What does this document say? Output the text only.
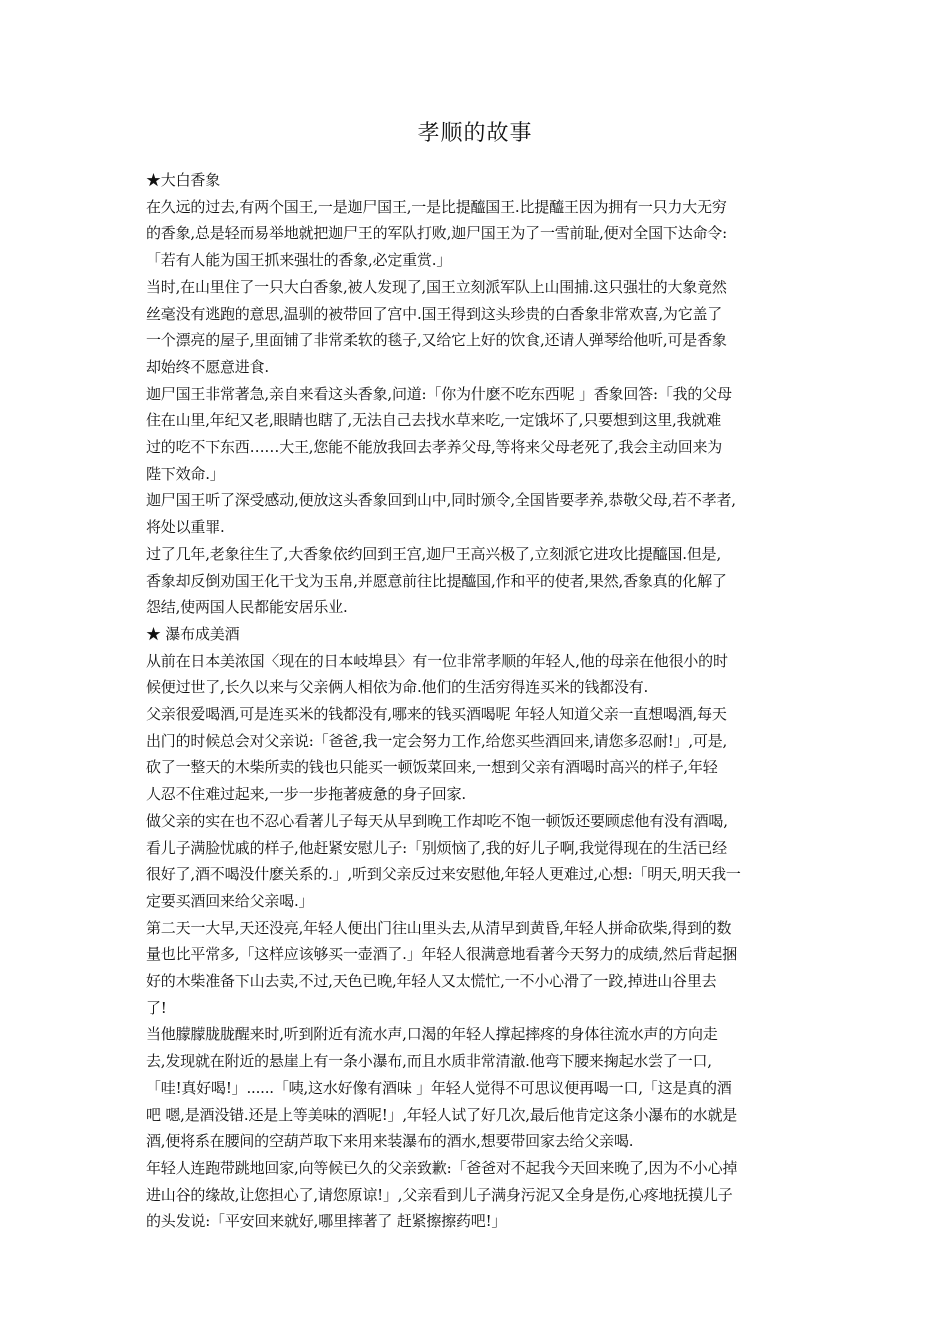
孝顺的故事
★大白香象
在久远的过去,有两个国王,一是迦尸国王,一是比提醯国王.比提醯王因为拥有一只力大无穷
的香象,总是轻而易举地就把迦尸王的军队打败,迦尸国王为了一雪前耻,便对全国下达命令:
「若有人能为国王抓来强壮的香象,必定重赏.」
当时,在山里住了一只大白香象,被人发现了,国王立刻派军队上山围捕.这只强壮的大象竟然
丝毫没有逃跑的意思,温驯的被带回了宫中.国王得到这头珍贵的白香象非常欢喜,为它盖了
一个漂亮的屋子,里面铺了非常柔软的毯子,又给它上好的饮食,还请人弹琴给他听,可是香象
却始终不愿意进食.
迦尸国王非常著急,亲自来看这头香象,问道:「你为什麽不吃东西呢 」香象回答:「我的父母
住在山里,年纪又老,眼睛也瞎了,无法自己去找水草来吃,一定饿坏了,只要想到这里,我就难
过的吃不下东西……大王,您能不能放我回去孝养父母,等将来父母老死了,我会主动回来为
陛下效命.」
迦尸国王听了深受感动,便放这头香象回到山中,同时颁令,全国皆要孝养,恭敬父母,若不孝者,
将处以重罪.
过了几年,老象往生了,大香象依约回到王宫,迦尸王高兴极了,立刻派它进攻比提醯国.但是,
香象却反倒劝国王化干戈为玉帛,并愿意前往比提醯国,作和平的使者,果然,香象真的化解了
怨结,使两国人民都能安居乐业.
★ 瀑布成美酒
从前在日本美浓国〈现在的日本岐埠县〉有一位非常孝顺的年轻人,他的母亲在他很小的时
候便过世了,长久以来与父亲俩人相依为命.他们的生活穷得连买米的钱都没有.
父亲很爱喝酒,可是连买米的钱都没有,哪来的钱买酒喝呢 年轻人知道父亲一直想喝酒,每天
出门的时候总会对父亲说:「爸爸,我一定会努力工作,给您买些酒回来,请您多忍耐!」,可是,
砍了一整天的木柴所卖的钱也只能买一顿饭菜回来,一想到父亲有酒喝时高兴的样子,年轻
人忍不住难过起来,一步一步拖著疲惫的身子回家.
做父亲的实在也不忍心看著儿子每天从早到晚工作却吃不饱一顿饭还要顾虑他有没有酒喝,
看儿子满脸忧戚的样子,他赶紧安慰儿子:「别烦恼了,我的好儿子啊,我觉得现在的生活已经
很好了,酒不喝没什麽关系的.」,听到父亲反过来安慰他,年轻人更难过,心想:「明天,明天我一
定要买酒回来给父亲喝.」
第二天一大早,天还没亮,年轻人便出门往山里头去,从清早到黄昏,年轻人拼命砍柴,得到的数
量也比平常多,「这样应该够买一壶酒了.」年轻人很满意地看著今天努力的成绩,然后背起捆
好的木柴准备下山去卖,不过,天色已晚,年轻人又太慌忙,一不小心滑了一跤,掉进山谷里去
了!
当他朦朦胧胧醒来时,听到附近有流水声,口渴的年轻人撑起摔疼的身体往流水声的方向走
去,发现就在附近的悬崖上有一条小瀑布,而且水质非常清澈.他弯下腰来掬起水尝了一口,
「哇!真好喝!」......「咦,这水好像有酒味 」年轻人觉得不可思议便再喝一口,「这是真的酒
吧 嗯,是酒没错.还是上等美味的酒呢!」,年轻人试了好几次,最后他肯定这条小瀑布的水就是
酒,便将系在腰间的空葫芦取下来用来装瀑布的酒水,想要带回家去给父亲喝.
年轻人连跑带跳地回家,向等候已久的父亲致歉:「爸爸对不起我今天回来晚了,因为不小心掉
进山谷的缘故,让您担心了,请您原谅!」,父亲看到儿子满身污泥又全身是伤,心疼地抚摸儿子
的头发说:「平安回来就好,哪里摔著了 赶紧擦擦药吧!」
